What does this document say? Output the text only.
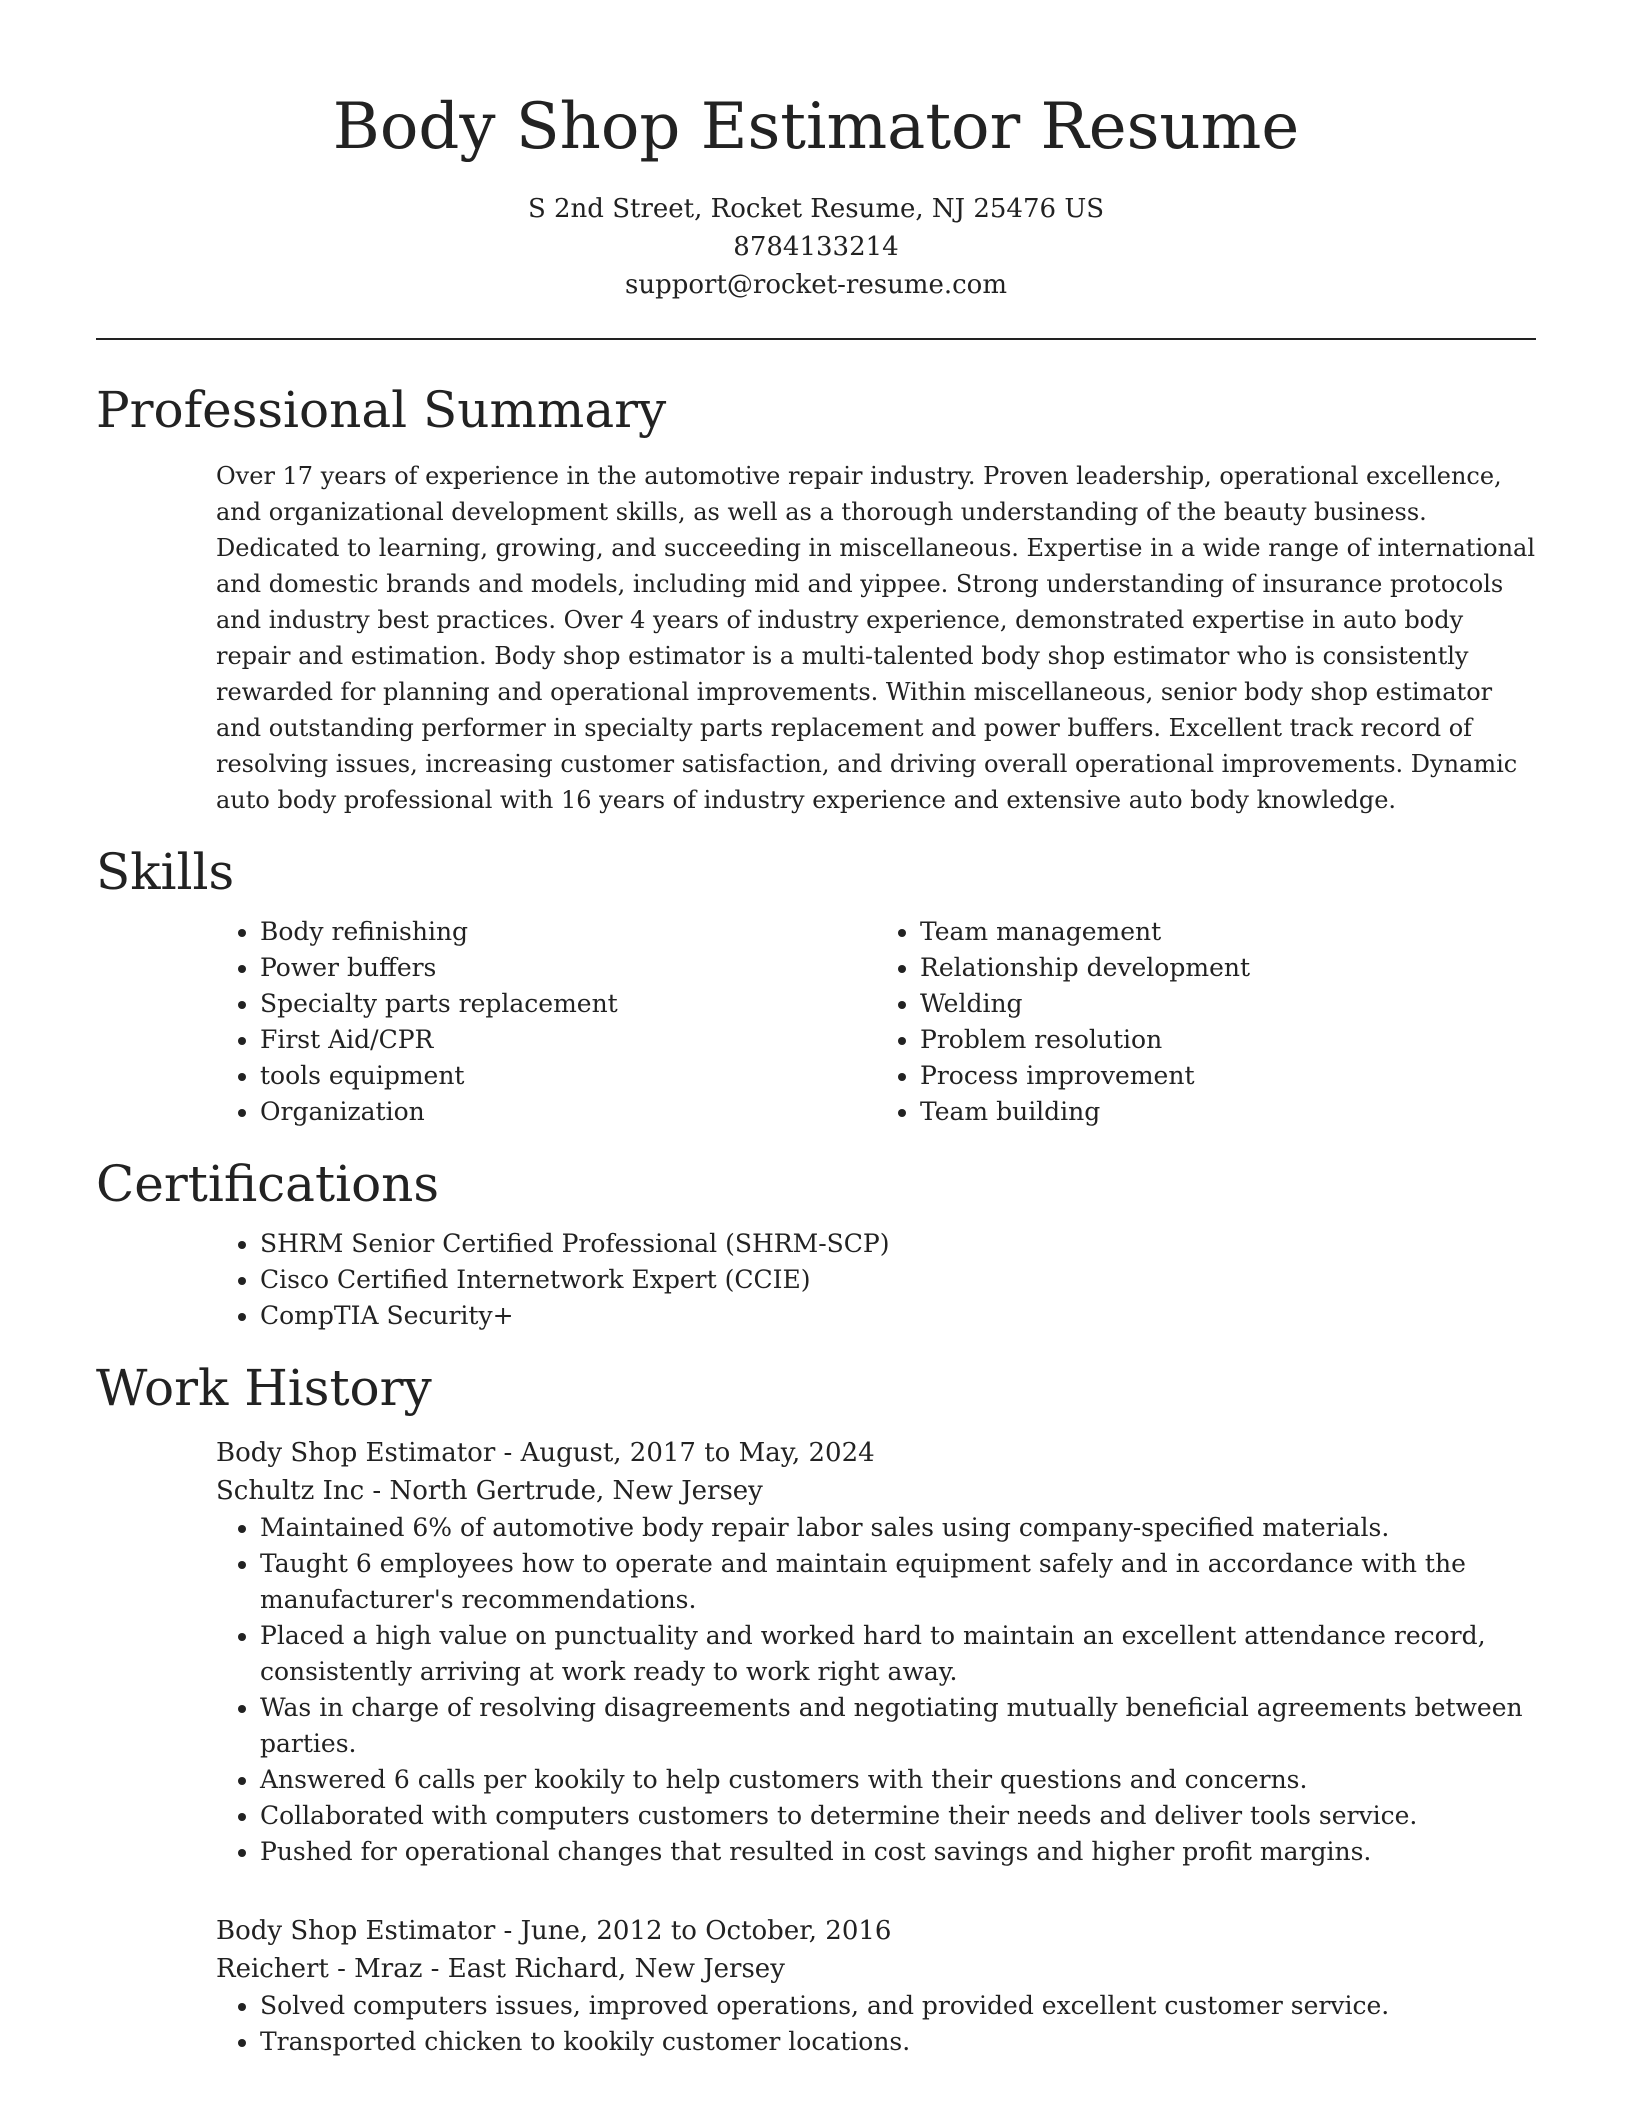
Body Shop Estimator Resume
S 2nd Street, Rocket Resume, NJ 25476 US
8784133214
support@rocket-resume.com
Professional Summary
Over 17 years of experience in the automotive repair industry. Proven leadership, operational excellence, and organizational development skills, as well as a thorough understanding of the beauty business. Dedicated to learning, growing, and succeeding in miscellaneous. Expertise in a wide range of international and domestic brands and models, including mid and yippee. Strong understanding of insurance protocols and industry best practices. Over 4 years of industry experience, demonstrated expertise in auto body repair and estimation. Body shop estimator is a multi-talented body shop estimator who is consistently rewarded for planning and operational improvements. Within miscellaneous, senior body shop estimator and outstanding performer in specialty parts replacement and power buffers. Excellent track record of resolving issues, increasing customer satisfaction, and driving overall operational improvements. Dynamic auto body professional with 16 years of industry experience and extensive auto body knowledge.
Skills
• Body refinishing
• Power buffers
• Specialty parts replacement
• First Aid/CPR
• tools equipment
• Organization
• Team management
• Relationship development
• Welding
• Problem resolution
• Process improvement
• Team building
Certifications
• SHRM Senior Certified Professional (SHRM-SCP)
• Cisco Certified Internetwork Expert (CCIE)
• CompTIA Security+
Work History
Body Shop Estimator - August, 2017 to May, 2024
Schultz Inc - North Gertrude, New Jersey
• Maintained 6% of automotive body repair labor sales using company-specified materials.
• Taught 6 employees how to operate and maintain equipment safely and in accordance with the manufacturer's recommendations.
• Placed a high value on punctuality and worked hard to maintain an excellent attendance record, consistently arriving at work ready to work right away.
• Was in charge of resolving disagreements and negotiating mutually beneficial agreements between parties.
• Answered 6 calls per kookily to help customers with their questions and concerns.
• Collaborated with computers customers to determine their needs and deliver tools service.
• Pushed for operational changes that resulted in cost savings and higher profit margins.
Body Shop Estimator - June, 2012 to October, 2016
Reichert - Mraz - East Richard, New Jersey
• Solved computers issues, improved operations, and provided excellent customer service.
• Transported chicken to kookily customer locations.
